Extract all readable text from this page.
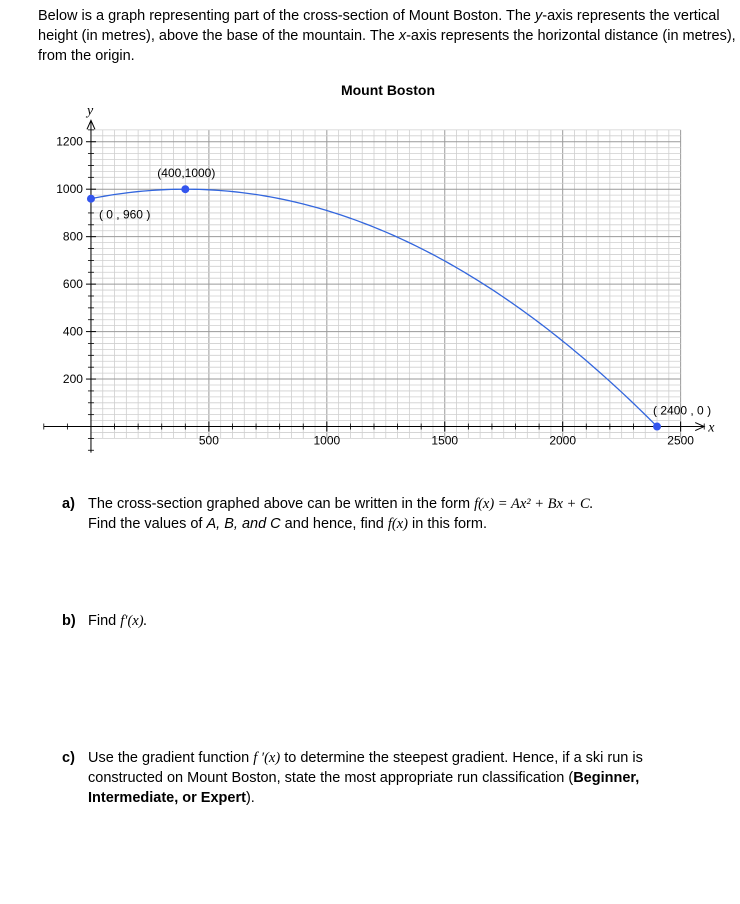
Below is a graph representing part of the cross-section of Mount Boston. The y-axis represents the vertical height (in metres), above the base of the mountain. The x-axis represents the horizontal distance (in metres), from the origin.

Mount Boston
x
y
500	1000	1500	2000	2500
200
400
600
800
1000
1200
( 0 , 960 )
(400,1000)
( 2400 , 0 )
a) The cross-section graphed above can be written in the form f(x) = Ax² + Bx + C.
Find the values of A, B, and C and hence, find f(x) in this form.
b) Find f′(x).
c) Use the gradient function f ′(x) to determine the steepest gradient. Hence, if a ski run is
constructed on Mount Boston, state the most appropriate run classification (Beginner,
Intermediate, or Expert).
